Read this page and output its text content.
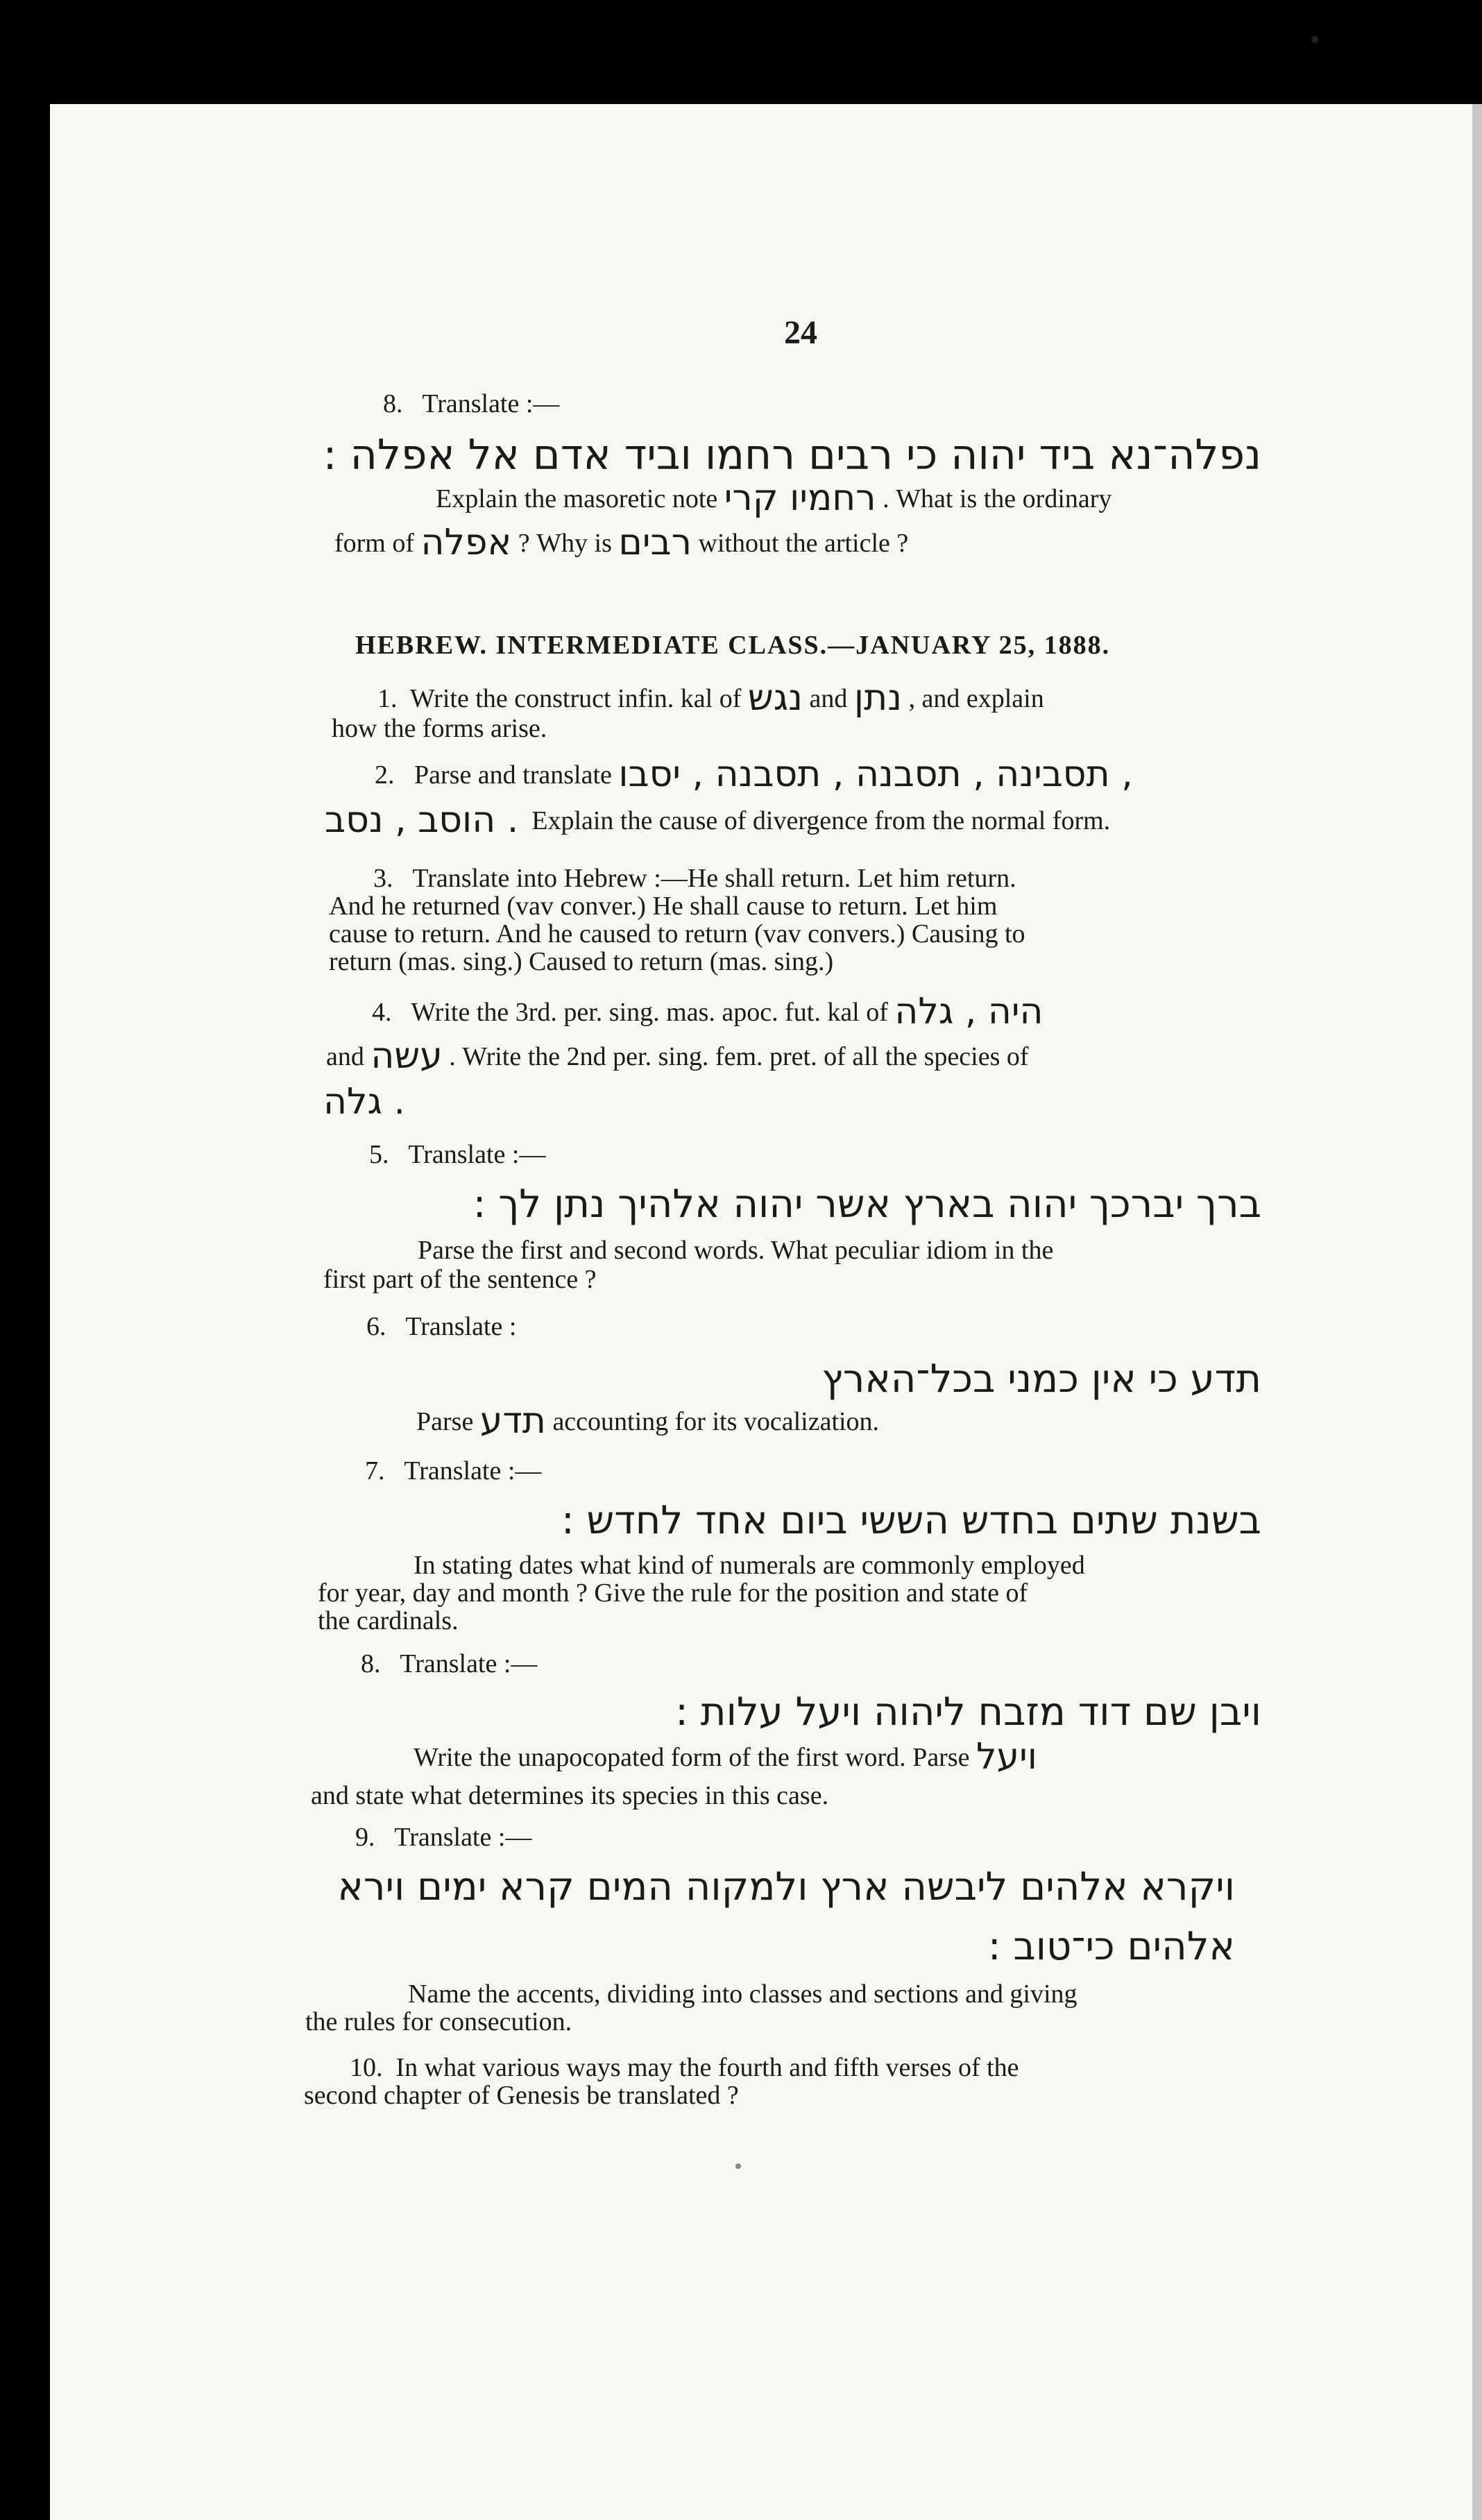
24
8. Translate :—
נפלה־נא ביד יהוה כי רבים רחמו וביד אדם אל אפלה :
Explain the masoretic note רחמיו קרי . What is the ordinary
form of אפלה ? Why is רבים without the article ?
HEBREW. INTERMEDIATE CLASS.—JANUARY 25, 1888.
1. Write the construct infin. kal of נגש and נתן , and explain
how the forms arise.
2. Parse and translate תסבינה , תסבנה , תסבנה , יסבו ,
הוסב , נסב . Explain the cause of divergence from the normal form.
3. Translate into Hebrew :—He shall return. Let him return.
And he returned (vav conver.) He shall cause to return. Let him
cause to return. And he caused to return (vav convers.) Causing to
return (mas. sing.) Caused to return (mas. sing.)
4. Write the 3rd. per. sing. mas. apoc. fut. kal of היה , גלה
and עשה . Write the 2nd per. sing. fem. pret. of all the species of
גלה .
5. Translate :—
ברך יברכך יהוה בארץ אשר יהוה אלהיך נתן לך :
Parse the first and second words. What peculiar idiom in the
first part of the sentence ?
6. Translate :
תדע כי אין כמני בכל־הארץ
Parse תדע accounting for its vocalization.
7. Translate :—
בשנת שתים בחדש הששי ביום אחד לחדש :
In stating dates what kind of numerals are commonly employed
for year, day and month ? Give the rule for the position and state of
the cardinals.
8. Translate :—
ויבן שם דוד מזבח ליהוה ויעל עלות :
Write the unapocopated form of the first word. Parse ויעל
and state what determines its species in this case.
9. Translate :—
ויקרא אלהים ליבשה ארץ ולמקוה המים קרא ימים וירא
אלהים כי־טוב :
Name the accents, dividing into classes and sections and giving
the rules for consecution.
10. In what various ways may the fourth and fifth verses of the
second chapter of Genesis be translated ?
